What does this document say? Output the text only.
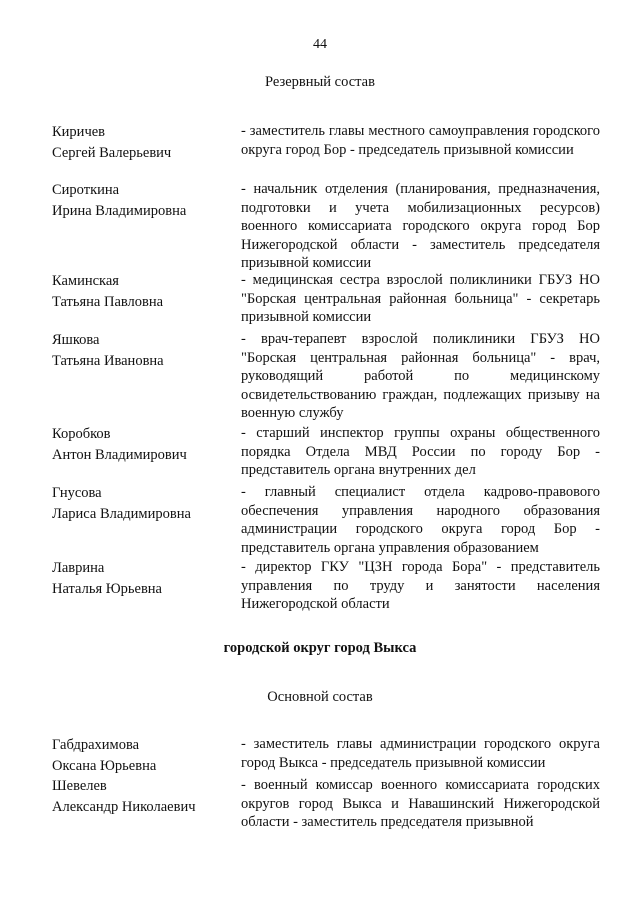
44
Резервный состав
Киричев
Сергей Валерьевич
- заместитель главы местного самоуправления городского округа город Бор - председатель призывной комиссии
Сироткина
Ирина Владимировна
- начальник отделения (планирования, предназначения, подготовки и учета мобилизационных ресурсов) военного комиссариата городского округа город Бор Нижегородской области - заместитель председателя призывной комиссии
Каминская
Татьяна Павловна
- медицинская сестра взрослой поликлиники ГБУЗ НО "Борская центральная районная больница" - секретарь призывной комиссии
Яшкова
Татьяна Ивановна
- врач-терапевт взрослой поликлиники ГБУЗ НО "Борская центральная районная больница" - врач, руководящий работой по медицинскому освидетельствованию граждан, подлежащих призыву на военную службу
Коробков
Антон Владимирович
- старший инспектор группы охраны общественного порядка Отдела МВД России по городу Бор - представитель органа внутренних дел
Гнусова
Лариса Владимировна
- главный специалист отдела кадрово-правового обеспечения управления народного образования администрации городского округа город Бор - представитель органа управления образованием
Лаврина
Наталья Юрьевна
- директор ГКУ "ЦЗН города Бора" - представитель управления по труду и занятости населения Нижегородской области
городской округ город Выкса
Основной состав
Габдрахимова
Оксана Юрьевна
- заместитель главы администрации городского округа город Выкса - председатель призывной комиссии
Шевелев
Александр Николаевич
- военный комиссар военного комиссариата городских округов город Выкса и Навашинский Нижегородской области - заместитель председателя призывной
